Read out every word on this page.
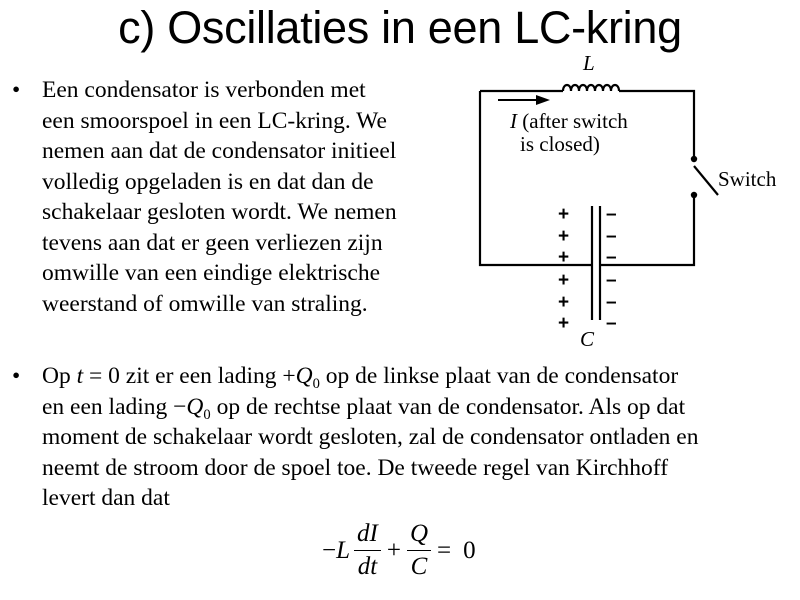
c) Oscillaties in een LC-kring
• Een condensator is verbonden met
een smoorspoel in een LC-kring. We
nemen aan dat de condensator initieel
volledig opgeladen is en dat dan de
schakelaar gesloten wordt. We nemen
tevens aan dat er geen verliezen zijn
omwille van een eindige elektrische
weerstand of omwille van straling.
L
I (after switch
is closed)
Switch
C
+
+
+
+
+
+
–
–
–
–
–
–
• Op t = 0 zit er een lading $+Q_0$ op de linkse plaat van de condensator
en een lading $-Q_0$ op de rechtse plaat van de condensator. Als op dat
moment de schakelaar wordt gesloten, zal de condensator ontladen en
neemt de stroom door de spoel toe. De tweede regel van Kirchhoff
levert dan dat
$-L \frac{dI}{dt} + \frac{Q}{C} = 0$
